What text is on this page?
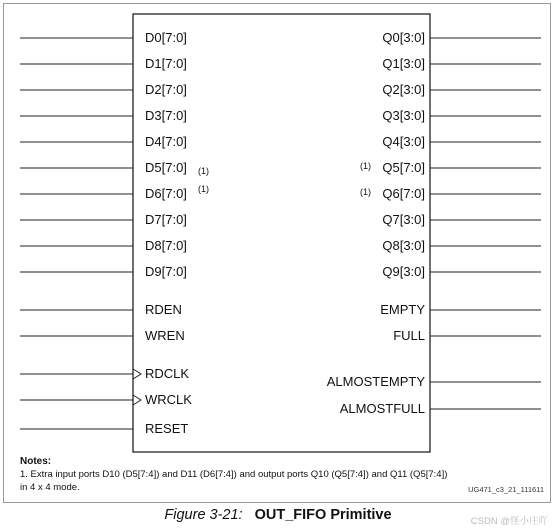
D0[7:0]
D1[7:0]
D2[7:0]
D3[7:0]
D4[7:0]
D5[7:0]
D6[7:0]
D7[7:0]
D8[7:0]
D9[7:0]
RDEN
WREN
RDCLK
WRCLK
RESET
Q0[3:0]
Q1[3:0]
Q2[3:0]
Q3[3:0]
Q4[3:0]
Q5[7:0]
Q6[7:0]
Q7[3:0]
Q8[3:0]
Q9[3:0]
EMPTY
FULL
ALMOSTEMPTY
ALMOSTFULL
(1)
(1)
(1)
(1)
Notes:
1. Extra input ports D10 (D5[7:4]) and D11 (D6[7:4]) and output ports Q10 (Q5[7:4]) and Q11 (Q5[7:4]) in 4 x 4 mode.	UG471_c3_21_111611
Figure 3-21: OUT_FIFO Primitive	CSDN @怪小庄吖
